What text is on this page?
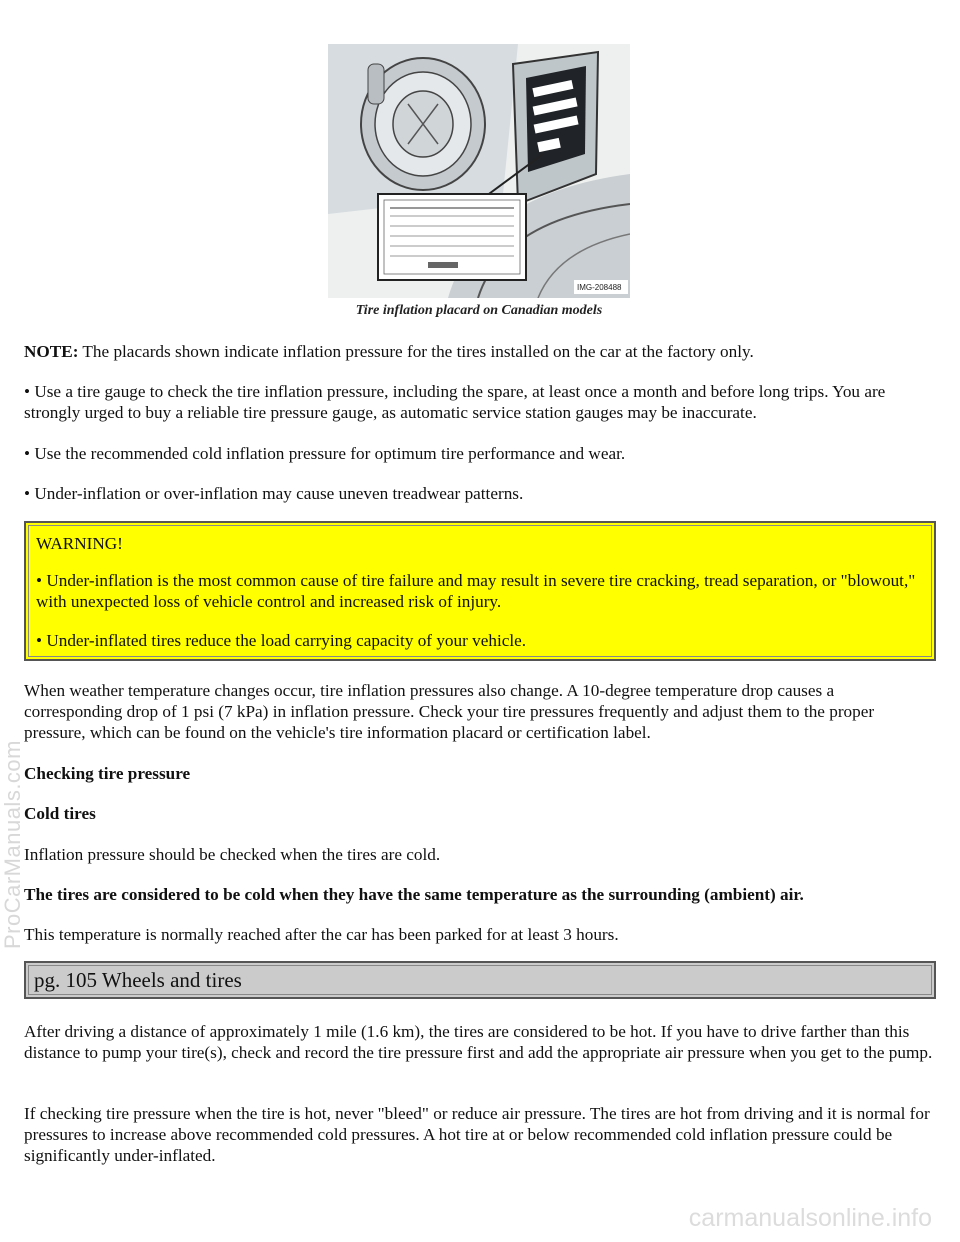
IMG-208488
Tire inflation placard on Canadian models

NOTE: The placards shown indicate inflation pressure for the tires installed on the car at the factory only.

• Use a tire gauge to check the tire inflation pressure, including the spare, at least once a month and before long trips. You are strongly urged to buy a reliable tire pressure gauge, as automatic service station gauges may be inaccurate.

• Use the recommended cold inflation pressure for optimum tire performance and wear.

• Under-inflation or over-inflation may cause uneven treadwear patterns.

WARNING!

• Under-inflation is the most common cause of tire failure and may result in severe tire cracking, tread separation, or "blowout," with unexpected loss of vehicle control and increased risk of injury.

• Under-inflated tires reduce the load carrying capacity of your vehicle.

When weather temperature changes occur, tire inflation pressures also change. A 10-degree temperature drop causes a corresponding drop of 1 psi (7 kPa) in inflation pressure. Check your tire pressures frequently and adjust them to the proper pressure, which can be found on the vehicle's tire information placard or certification label.

Checking tire pressure

Cold tires

Inflation pressure should be checked when the tires are cold.

The tires are considered to be cold when they have the same temperature as the surrounding (ambient) air.

This temperature is normally reached after the car has been parked for at least 3 hours.

pg. 105 Wheels and tires

After driving a distance of approximately 1 mile (1.6 km), the tires are considered to be hot. If you have to drive farther than this distance to pump your tire(s), check and record the tire pressure first and add the appropriate air pressure when you get to the pump.

If checking tire pressure when the tire is hot, never "bleed" or reduce air pressure. The tires are hot from driving and it is normal for pressures to increase above recommended cold pressures. A hot tire at or below recommended cold inflation pressure could be significantly under-inflated.

ProCarManuals.com
carmanualsonline.info
